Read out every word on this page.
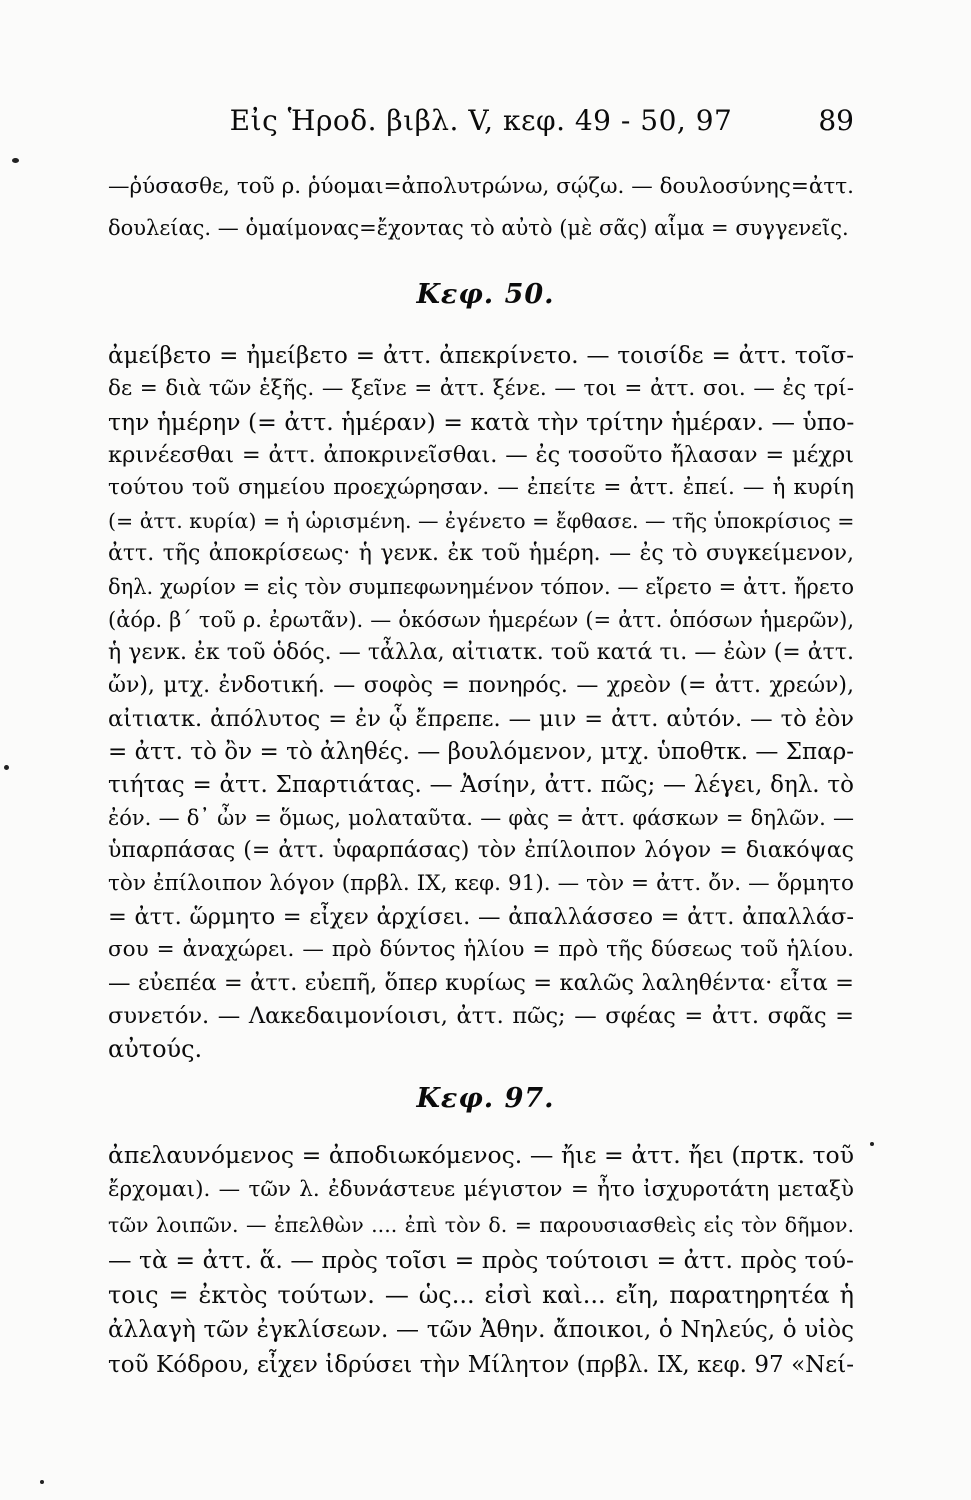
Εἰς Ἡροδ. βιβλ. V, κεφ. 49 - 50, 97	89
—ῥύσασθε, τοῦ ρ. ῥύομαι=ἀπολυτρώνω, σῴζω. — δουλοσύνης=ἀττ.
δουλείας. — ὁμαίμονας=ἔχοντας τὸ αὐτὸ (μὲ σᾶς) αἷμα = συγγενεῖς.
Κεφ. 50.
ἀμείβετο = ἠμείβετο = ἀττ. ἀπεκρίνετο. — τοισίδε = ἀττ. τοῖσ-
δε = διὰ τῶν ἑξῆς. — ξεῖνε = ἀττ. ξένε. — τοι = ἀττ. σοι. — ἐς τρί-
την ἡμέρην (= ἀττ. ἡμέραν) = κατὰ τὴν τρίτην ἡμέραν. — ὑπο-
κρινέεσθαι = ἀττ. ἀποκρινεῖσθαι. — ἐς τοσοῦτο ἤλασαν = μέχρι
τούτου τοῦ σημείου προεχώρησαν. — ἐπείτε = ἀττ. ἐπεί. — ἡ κυρίη
(= ἀττ. κυρία) = ἡ ὡρισμένη. — ἐγένετο = ἔφθασε. — τῆς ὑποκρίσιος =
ἀττ. τῆς ἀποκρίσεως· ἡ γενκ. ἐκ τοῦ ἡμέρη. — ἐς τὸ συγκείμενον,
δηλ. χωρίον = εἰς τὸν συμπεφωνημένον τόπον. — εἴρετο = ἀττ. ἤρετο
(ἀόρ. β΄ τοῦ ρ. ἐρωτᾶν). — ὁκόσων ἡμερέων (= ἀττ. ὁπόσων ἡμερῶν),
ἡ γενκ. ἐκ τοῦ ὁδός. — τἆλλα, αἰτιατκ. τοῦ κατά τι. — ἐὼν (= ἀττ.
ὤν), μτχ. ἐνδοτική. — σοφὸς = πονηρός. — χρεὸν (= ἀττ. χρεών),
αἰτιατκ. ἀπόλυτος = ἐν ᾧ ἔπρεπε. — μιν = ἀττ. αὐτόν. — τὸ ἐὸν
= ἀττ. τὸ ὂν = τὸ ἀληθές. — βουλόμενον, μτχ. ὑποθτκ. — Σπαρ-
τιήτας = ἀττ. Σπαρτιάτας. — Ἀσίην, ἀττ. πῶς; — λέγει, δηλ. τὸ
ἐόν. — δ᾽ ὦν = ὅμως, μολαταῦτα. — φὰς = ἀττ. φάσκων = δηλῶν. —
ὑπαρπάσας (= ἀττ. ὑφαρπάσας) τὸν ἐπίλοιπον λόγον = διακόψας
τὸν ἐπίλοιπον λόγον (πρβλ. IX, κεφ. 91). — τὸν = ἀττ. ὄν. — ὅρμητο
= ἀττ. ὥρμητο = εἶχεν ἀρχίσει. — ἀπαλλάσσεο = ἀττ. ἀπαλλάσ-
σου = ἀναχώρει. — πρὸ δύντος ἡλίου = πρὸ τῆς δύσεως τοῦ ἡλίου.
— εὐεπέα = ἀττ. εὐεπῆ, ὅπερ κυρίως = καλῶς λαληθέντα· εἶτα =
συνετόν. — Λακεδαιμονίοισι, ἀττ. πῶς; — σφέας = ἀττ. σφᾶς =
αὐτούς.
Κεφ. 97.
ἀπελαυνόμενος = ἀποδιωκόμενος. — ἤιε = ἀττ. ἤει (πρτκ. τοῦ
ἔρχομαι). — τῶν λ. ἐδυνάστευε μέγιστον = ἦτο ἰσχυροτάτη μεταξὺ
τῶν λοιπῶν. — ἐπελθὼν .... ἐπὶ τὸν δ. = παρουσιασθεὶς εἰς τὸν δῆμον.
— τὰ = ἀττ. ἅ. — πρὸς τοῖσι = πρὸς τούτοισι = ἀττ. πρὸς τού-
τοις = ἐκτὸς τούτων. — ὡς... εἰσὶ καὶ... εἴη, παρατηρητέα ἡ
ἀλλαγὴ τῶν ἐγκλίσεων. — τῶν Ἀθην. ἄποικοι, ὁ Νηλεύς, ὁ υἱὸς
τοῦ Κόδρου, εἶχεν ἱδρύσει τὴν Μίλητον (πρβλ. IX, κεφ. 97 «Νεί-
